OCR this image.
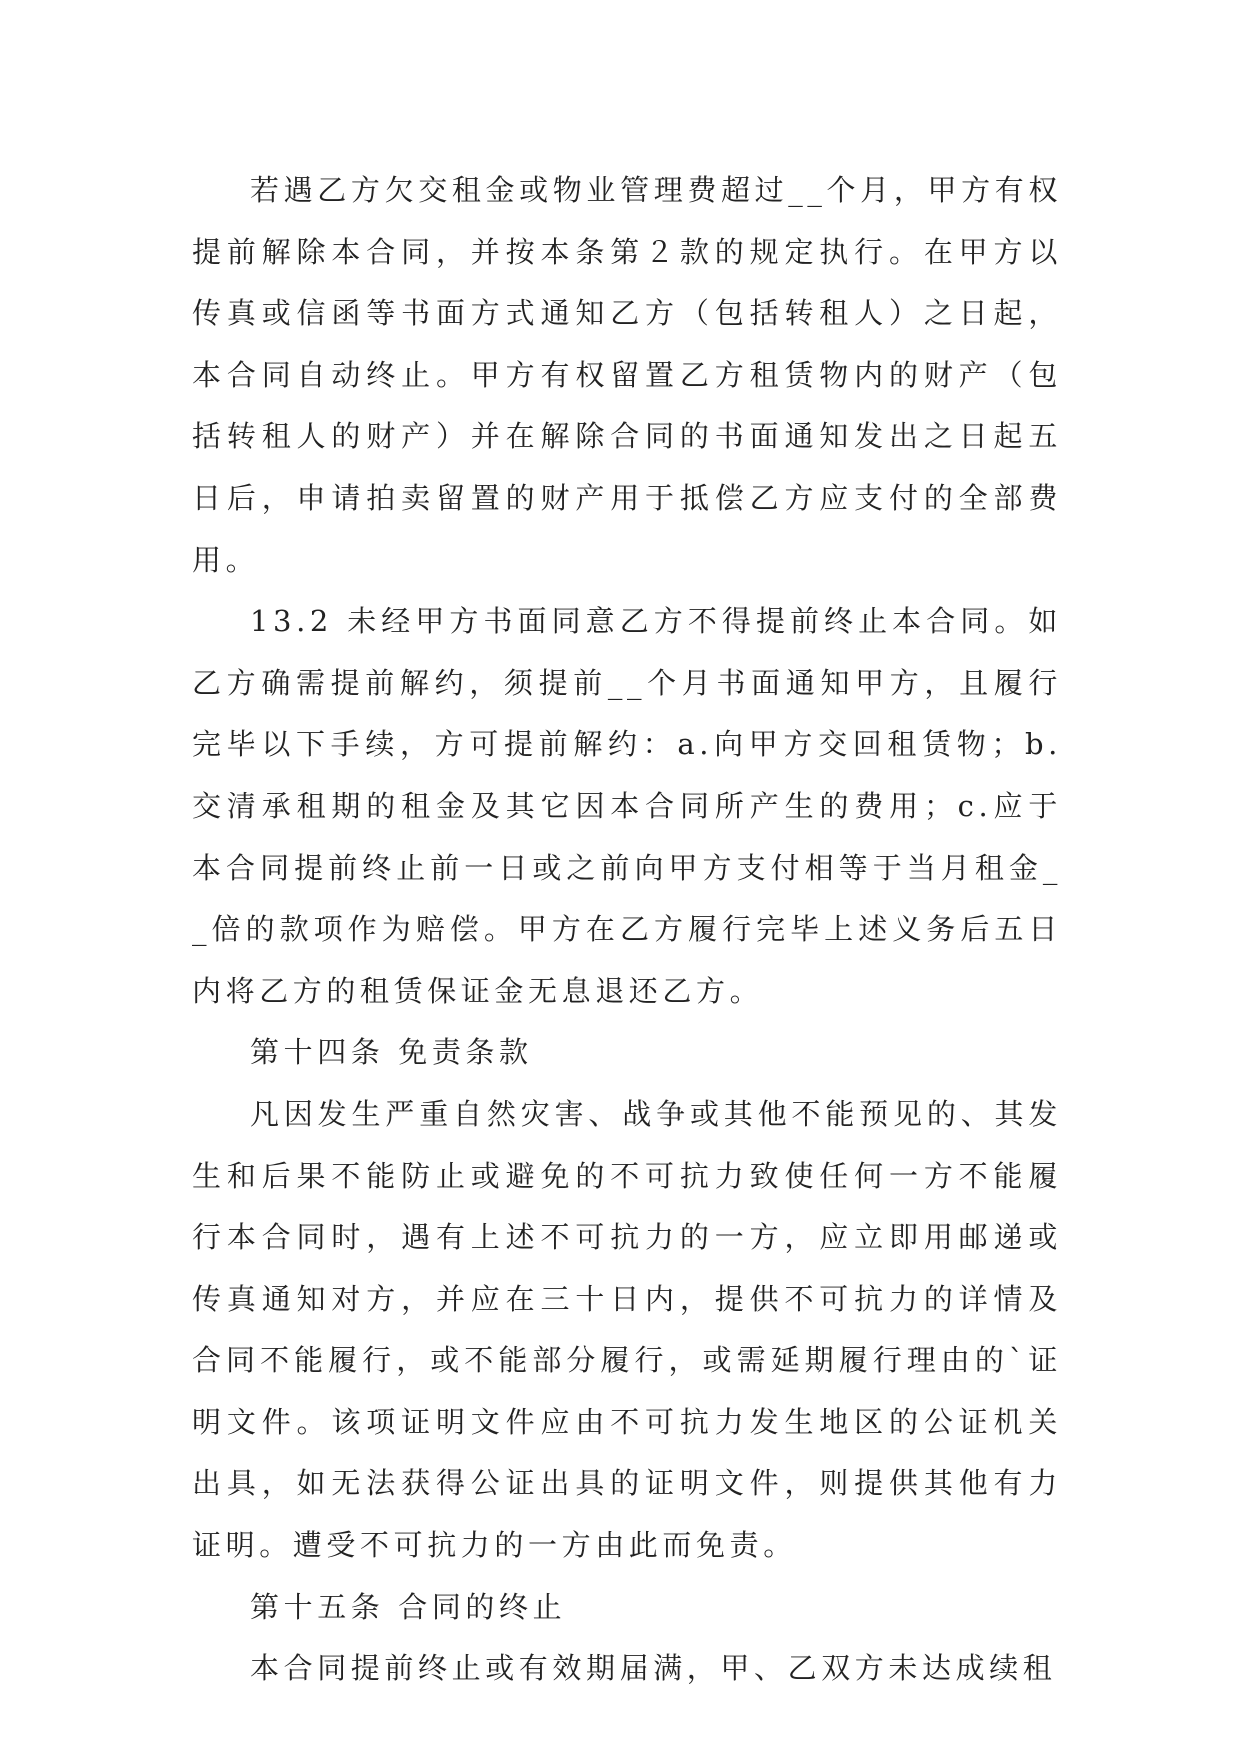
若遇乙方欠交租金或物业管理费超过__个月，甲方有权提前解除本合同，并按本条第２款的规定执行。在甲方以传真或信函等书面方式通知乙方（包括转租人）之日起，本合同自动终止。甲方有权留置乙方租赁物内的财产（包括转租人的财产）并在解除合同的书面通知发出之日起五日后，申请拍卖留置的财产用于抵偿乙方应支付的全部费用。

13.2 未经甲方书面同意乙方不得提前终止本合同。如乙方确需提前解约，须提前__个月书面通知甲方，且履行完毕以下手续，方可提前解约：a.向甲方交回租赁物；b.交清承租期的租金及其它因本合同所产生的费用；c.应于本合同提前终止前一日或之前向甲方支付相等于当月租金__倍的款项作为赔偿。甲方在乙方履行完毕上述义务后五日内将乙方的租赁保证金无息退还乙方。

第十四条 免责条款

凡因发生严重自然灾害、战争或其他不能预见的、其发生和后果不能防止或避免的不可抗力致使任何一方不能履行本合同时，遇有上述不可抗力的一方，应立即用邮递或传真通知对方，并应在三十日内，提供不可抗力的详情及合同不能履行，或不能部分履行，或需延期履行理由的`证明文件。该项证明文件应由不可抗力发生地区的公证机关出具，如无法获得公证出具的证明文件，则提供其他有力证明。遭受不可抗力的一方由此而免责。

第十五条 合同的终止

本合同提前终止或有效期届满，甲、乙双方未达成续租
